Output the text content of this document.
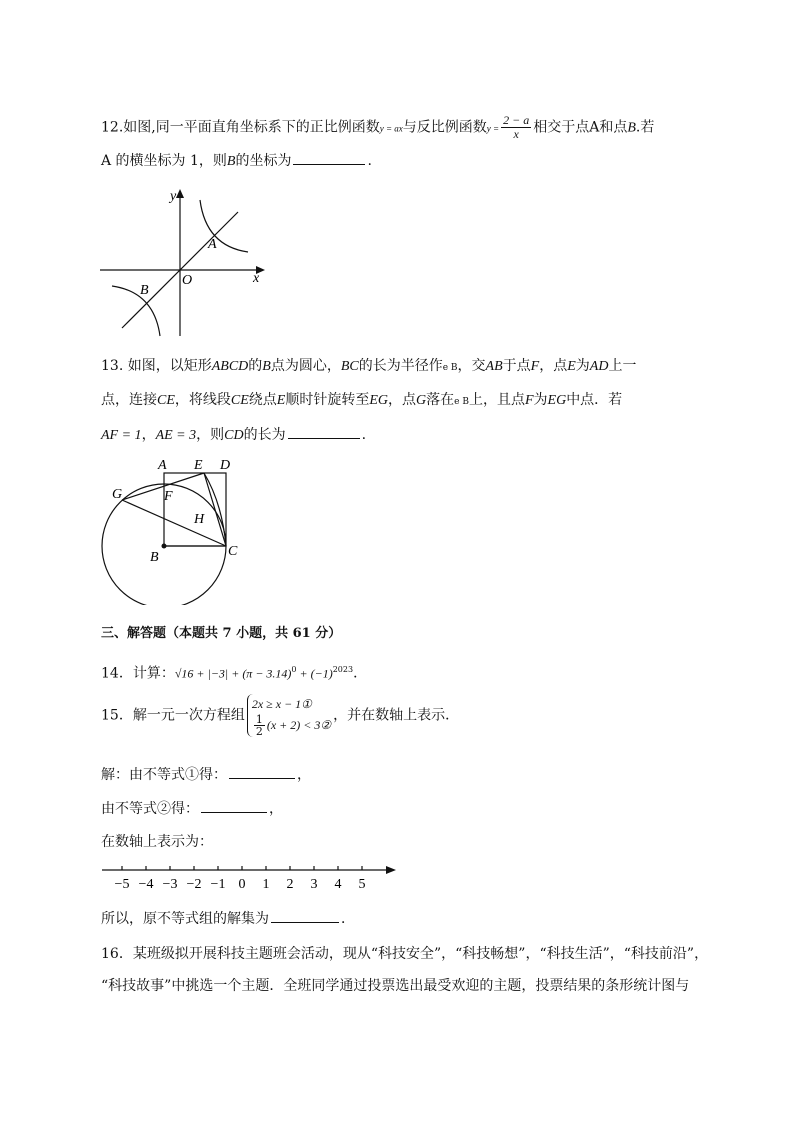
12.如图,同一平面直角坐标系下的正比例函数y = ax与反比例函数$y = \frac{2 - a}{x}$ 相交于点A和点B.若
A 的横坐标为 1，则B的坐标为	.
y
x
O
A
B
13. 如图，以矩形ABCD的B点为圆心，BC的长为半径作e B，交AB于点F，点E为AD上一
点，连接CE，将线段CE绕点E顺时针旋转至EG，点G落在e B上，且点F为EG中点．若
AF = 1，AE = 3，则CD的长为	.
A E D
G	F
H
B	C
三、解答题（本题共 7 小题，共 61 分）
14．计算：$√16 + |-3| + (\pi - 3.14)^0 + (-1)^{2023}$．
15．解一元一次方程组
2x ≥ x − 1①
$\frac{1}{2} (x + 2)$ < 3②
，并在数轴上表示．
解：由不等式①得：	，
由不等式②得：	，
在数轴上表示为：
−5 −4 −3 −2 −1 0 1 2 3 4 5
所以，原不等式组的解集为	．
16．某班级拟开展科技主题班会活动，现从“科技安全”，“科技畅想”，“科技生活”，“科技前沿”，
“科技故事”中挑选一个主题．全班同学通过投票选出最受欢迎的主题，投票结果的条形统计图与
